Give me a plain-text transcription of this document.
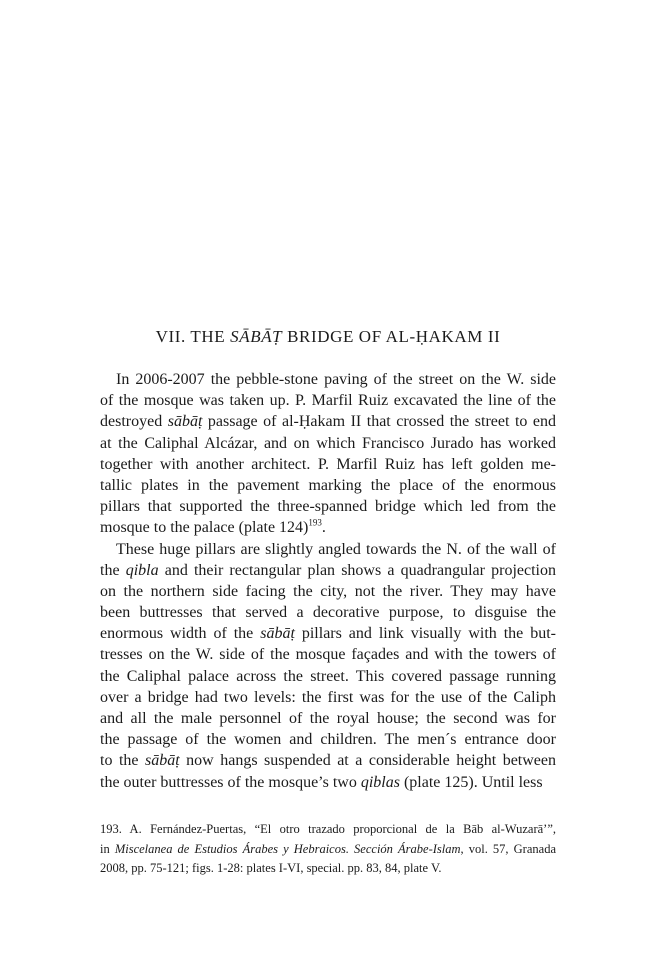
VII. THE SĀBĀṬ BRIDGE OF AL-ḤAKAM II
In 2006-2007 the pebble-stone paving of the street on the W. side
of the mosque was taken up. P. Marfil Ruiz excavated the line of the
destroyed sābāṭ passage of al-Ḥakam II that crossed the street to end
at the Caliphal Alcázar, and on which Francisco Jurado has worked
together with another architect. P. Marfil Ruiz has left golden me-
tallic plates in the pavement marking the place of the enormous
pillars that supported the three-spanned bridge which led from the
mosque to the palace (plate 124)$^{193}$.
These huge pillars are slightly angled towards the N. of the wall of
the qibla and their rectangular plan shows a quadrangular projection
on the northern side facing the city, not the river. They may have
been buttresses that served a decorative purpose, to disguise the
enormous width of the sābāṭ pillars and link visually with the but-
tresses on the W. side of the mosque façades and with the towers of
the Caliphal palace across the street. This covered passage running
over a bridge had two levels: the first was for the use of the Caliph
and all the male personnel of the royal house; the second was for
the passage of the women and children. The men´s entrance door
to the sābāṭ now hangs suspended at a considerable height between
the outer buttresses of the mosque’s two qiblas (plate 125). Until less
193. A. Fernández-Puertas, “El otro trazado proporcional de la Bāb al-Wuzarā’”,
in Miscelanea de Estudios Árabes y Hebraicos. Sección Árabe-Islam, vol. 57, Granada
2008, pp. 75-121; figs. 1-28: plates I-VI, special. pp. 83, 84, plate V.
